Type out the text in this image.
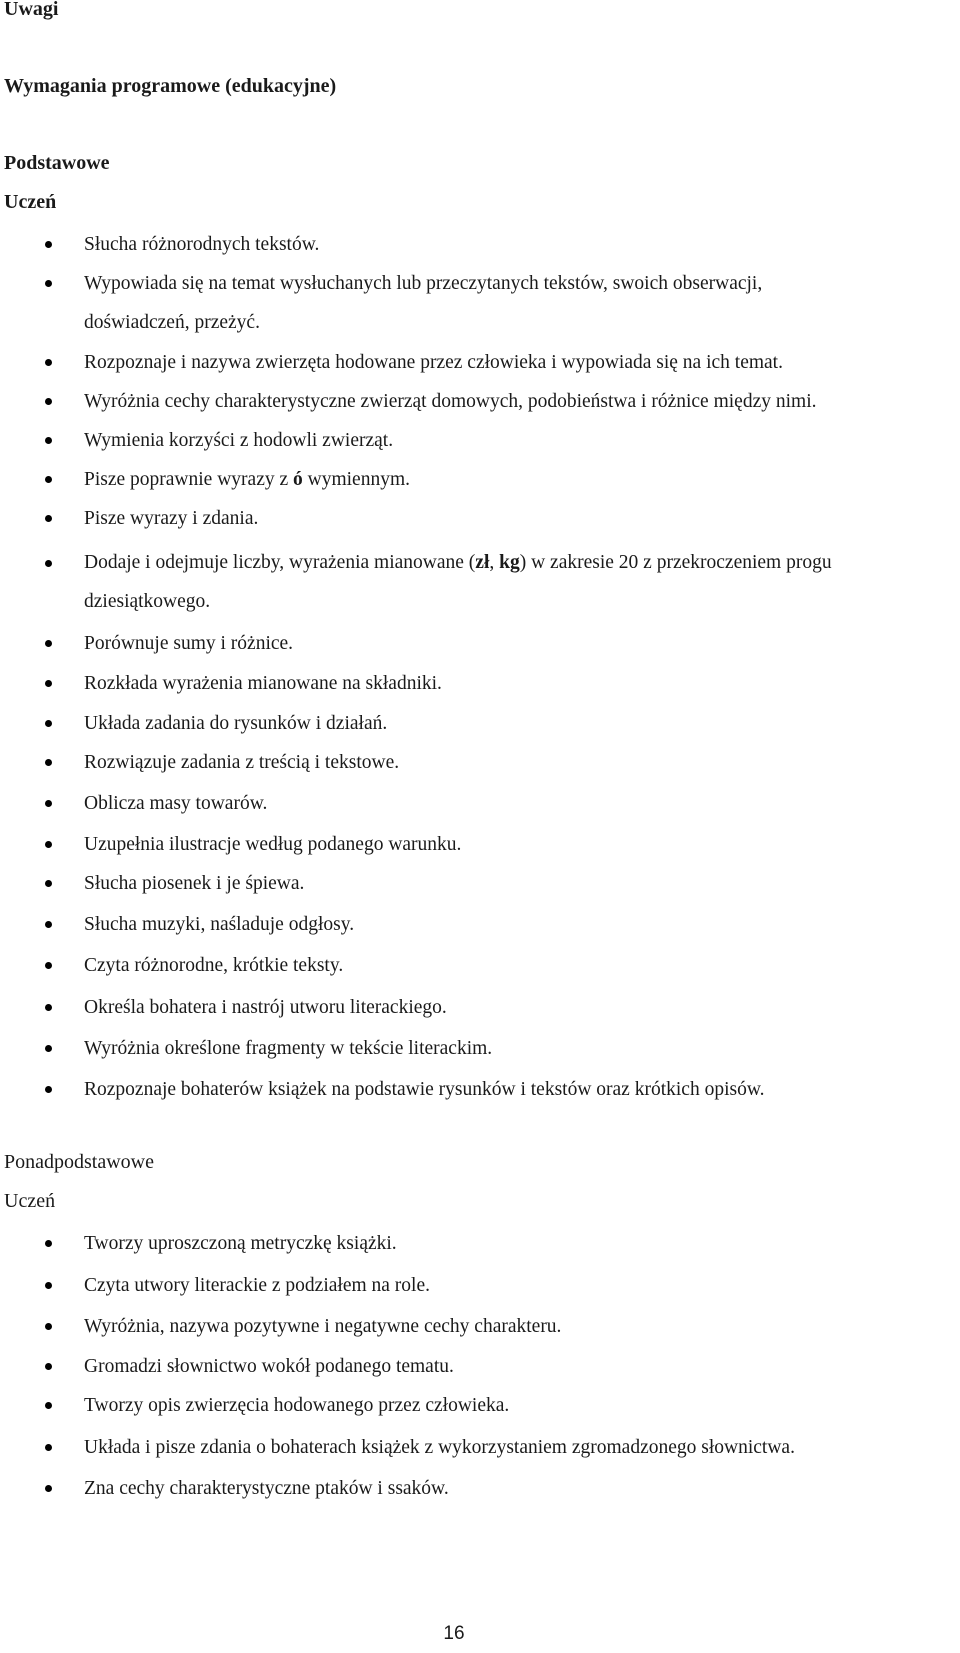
Uwagi
Wymagania programowe (edukacyjne)
Podstawowe
Uczeń
Słucha różnorodnych tekstów.
Wypowiada się na temat wysłuchanych lub przeczytanych tekstów, swoich obserwacji,
doświadczeń, przeżyć.
Rozpoznaje i nazywa zwierzęta hodowane przez człowieka i wypowiada się na ich temat.
Wyróżnia cechy charakterystyczne zwierząt domowych, podobieństwa i różnice między nimi.
Wymienia korzyści z hodowli zwierząt.
Pisze poprawnie wyrazy z ó wymiennym.
Pisze wyrazy i zdania.
Dodaje i odejmuje liczby, wyrażenia mianowane (zł, kg) w zakresie 20 z przekroczeniem progu
dziesiątkowego.
Porównuje sumy i różnice.
Rozkłada wyrażenia mianowane na składniki.
Układa zadania do rysunków i działań.
Rozwiązuje zadania z treścią i tekstowe.
Oblicza masy towarów.
Uzupełnia ilustracje według podanego warunku.
Słucha piosenek i je śpiewa.
Słucha muzyki, naśladuje odgłosy.
Czyta różnorodne, krótkie teksty.
Określa bohatera i nastrój utworu literackiego.
Wyróżnia określone fragmenty w tekście literackim.
Rozpoznaje bohaterów książek na podstawie rysunków i tekstów oraz krótkich opisów.
Ponadpodstawowe
Uczeń
Tworzy uproszczoną metryczkę książki.
Czyta utwory literackie z podziałem na role.
Wyróżnia, nazywa pozytywne i negatywne cechy charakteru.
Gromadzi słownictwo wokół podanego tematu.
Tworzy opis zwierzęcia hodowanego przez człowieka.
Układa i pisze zdania o bohaterach książek z wykorzystaniem zgromadzonego słownictwa.
Zna cechy charakterystyczne ptaków i ssaków.
16
